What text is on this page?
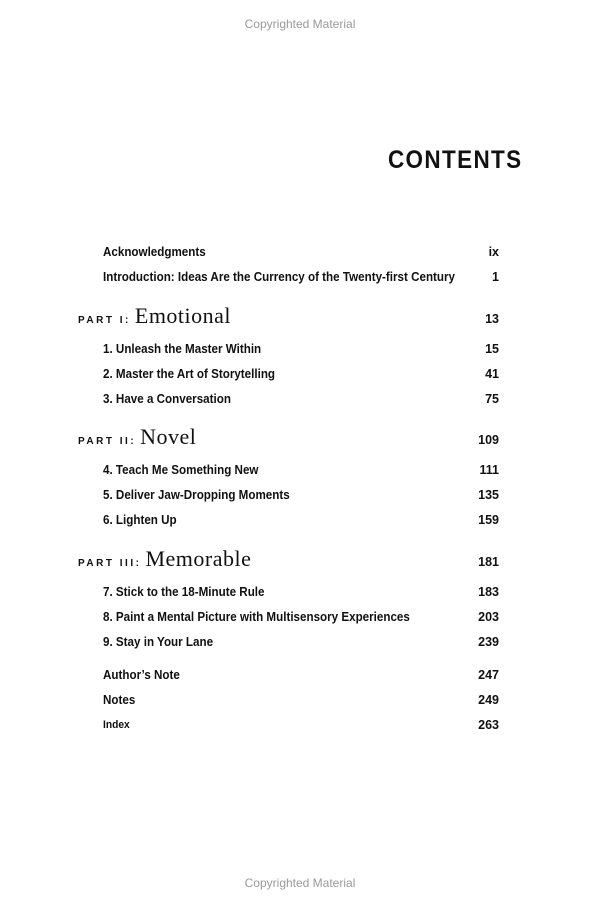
Copyrighted Material
CONTENTS
Acknowledgments	ix
Introduction: Ideas Are the Currency of the Twenty-first Century	1
PART I: Emotional	13
1. Unleash the Master Within	15
2. Master the Art of Storytelling	41
3. Have a Conversation	75
PART II: Novel	109
4. Teach Me Something New	111
5. Deliver Jaw-Dropping Moments	135
6. Lighten Up	159
PART III: Memorable	181
7. Stick to the 18-Minute Rule	183
8. Paint a Mental Picture with Multisensory Experiences	203
9. Stay in Your Lane	239
Author’s Note	247
Notes	249
Index	263
Copyrighted Material
